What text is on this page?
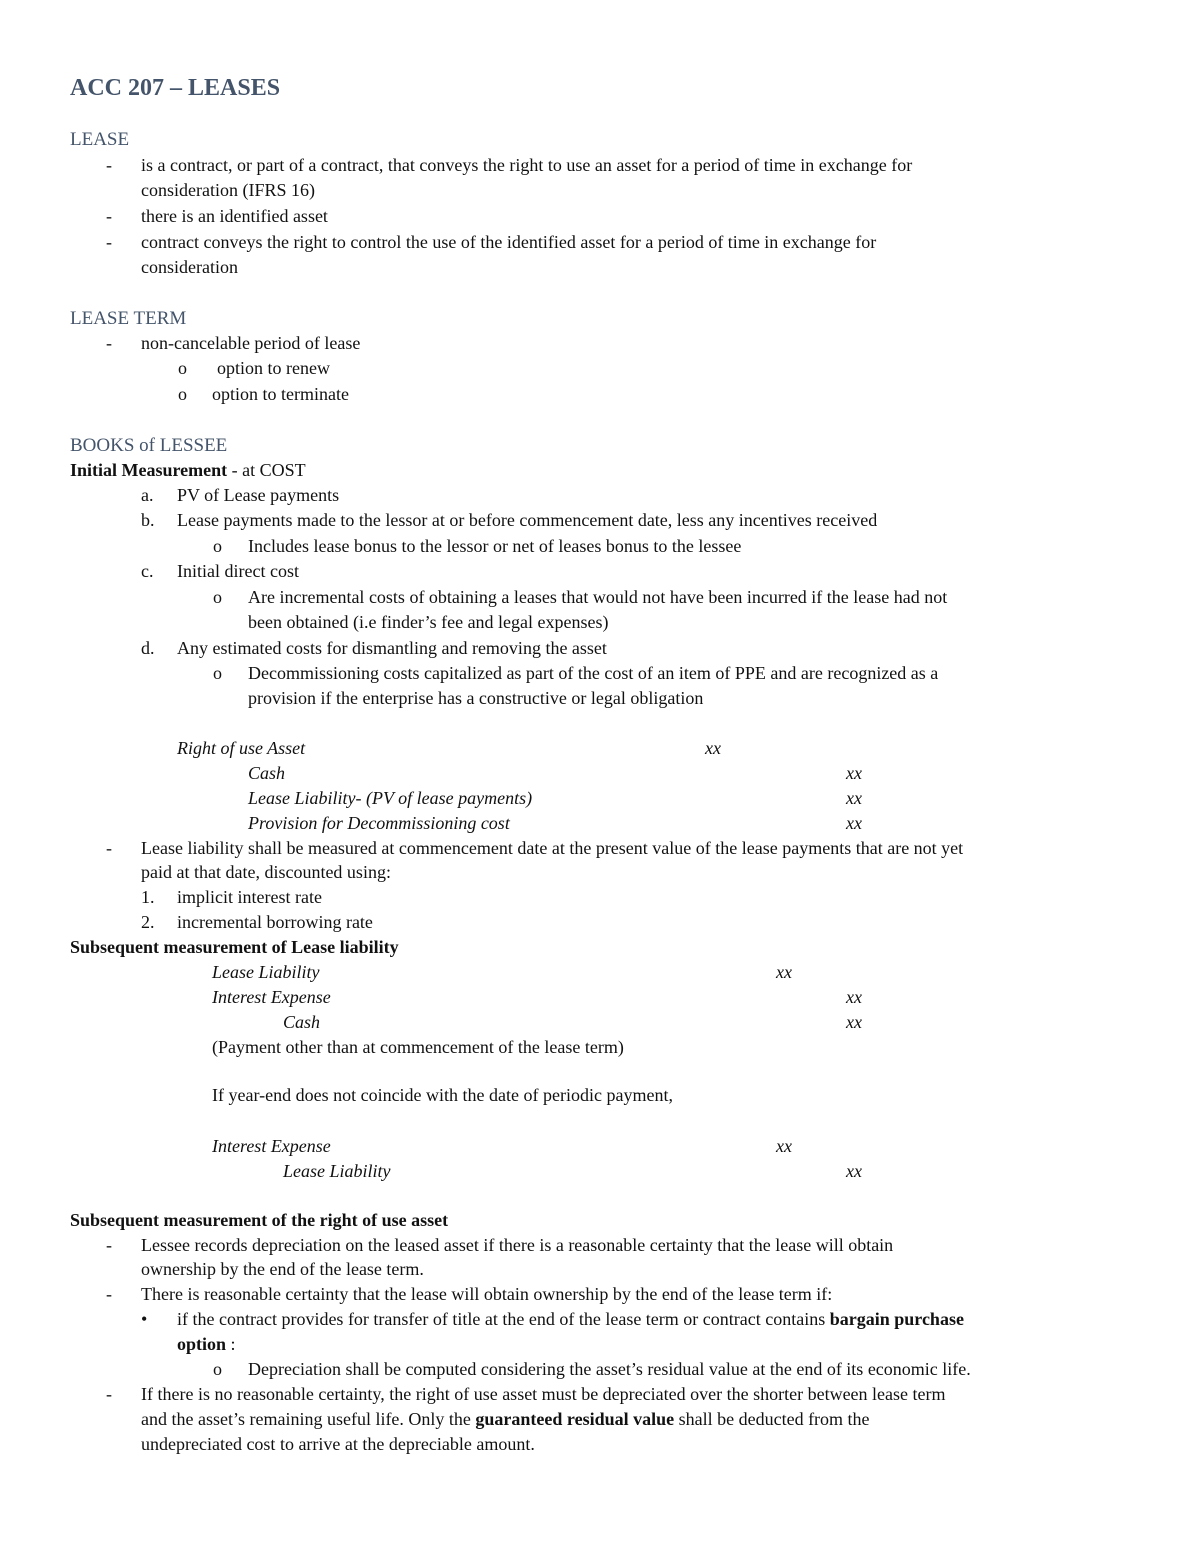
ACC 207 – LEASES
LEASE
- is a contract, or part of a contract, that conveys the right to use an asset for a period of time in exchange for
consideration (IFRS 16)
- there is an identified asset
- contract conveys the right to control the use of the identified asset for a period of time in exchange for
consideration
LEASE TERM
- non-cancelable period of lease
o option to renew
o option to terminate
BOOKS of LESSEE
Initial Measurement - at COST
a. PV of Lease payments
b. Lease payments made to the lessor at or before commencement date, less any incentives received
o Includes lease bonus to the lessor or net of leases bonus to the lessee
c. Initial direct cost
o Are incremental costs of obtaining a leases that would not have been incurred if the lease had not
been obtained (i.e finder’s fee and legal expenses)
d. Any estimated costs for dismantling and removing the asset
o Decommissioning costs capitalized as part of the cost of an item of PPE and are recognized as a
provision if the enterprise has a constructive or legal obligation
Right of use Asset	xx
Cash	xx
Lease Liability- (PV of lease payments)	xx
Provision for Decommissioning cost	xx
- Lease liability shall be measured at commencement date at the present value of the lease payments that are not yet
paid at that date, discounted using:
1. implicit interest rate
2. incremental borrowing rate
Subsequent measurement of Lease liability
Lease Liability	xx
Interest Expense	xx
Cash	xx
(Payment other than at commencement of the lease term)
If year-end does not coincide with the date of periodic payment,
Interest Expense	xx
Lease Liability	xx
Subsequent measurement of the right of use asset
- Lessee records depreciation on the leased asset if there is a reasonable certainty that the lease will obtain
ownership by the end of the lease term.
- There is reasonable certainty that the lease will obtain ownership by the end of the lease term if:
• if the contract provides for transfer of title at the end of the lease term or contract contains bargain purchase
option :
o Depreciation shall be computed considering the asset’s residual value at the end of its economic life.
- If there is no reasonable certainty, the right of use asset must be depreciated over the shorter between lease term
and the asset’s remaining useful life. Only the guaranteed residual value shall be deducted from the
undepreciated cost to arrive at the depreciable amount.
